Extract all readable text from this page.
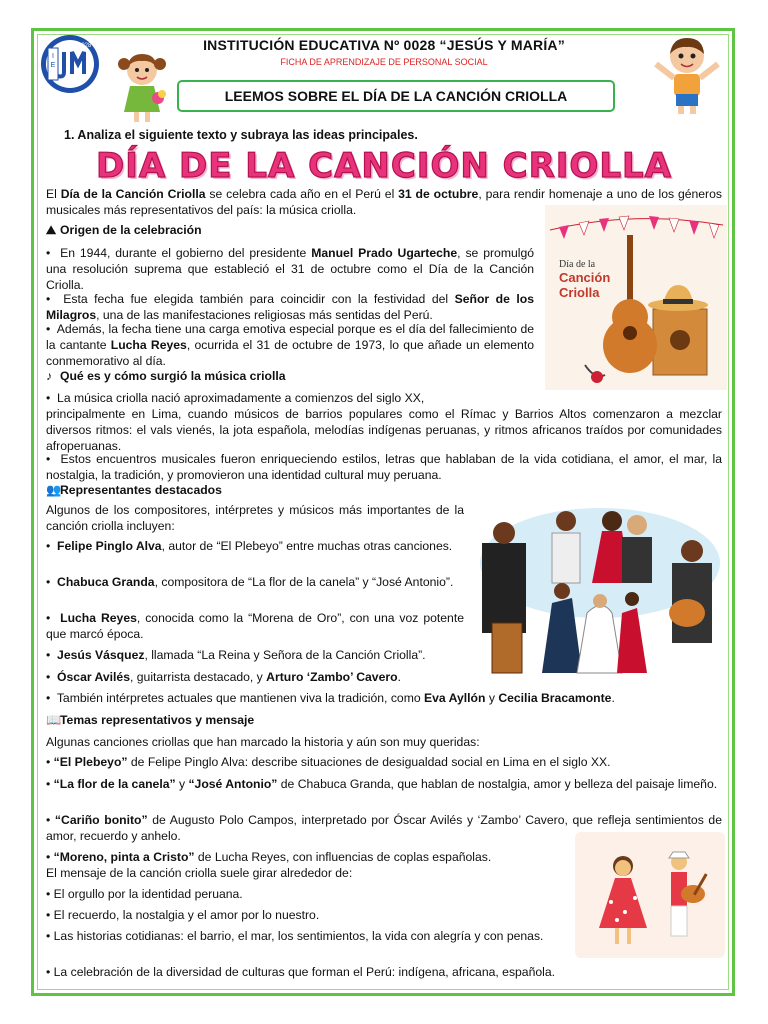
I
E
0028	INSTITUCIÓN EDUCATIVA Nº 0028 “JESÚS Y MARÍA”
FICHA DE APRENDIZAJE DE PERSONAL SOCIAL
LEEMOS SOBRE EL DÍA DE LA CANCIÓN CRIOLLA
1. Analiza el siguiente texto y subraya las ideas principales.
DÍA DE LA CANCIÓN CRIOLLA

El Día de la Canción Criolla se celebra cada año en el Perú el 31 de octubre, para rendir homenaje a uno de los géneros musicales más representativos del país: la música criolla.

⛰ Origen de la celebración

•  En 1944, durante el gobierno del presidente Manuel Prado Ugarteche, se promulgó una resolución suprema que estableció el 31 de octubre como el Día de la Canción Criolla.

•  Esta fecha fue elegida también para coincidir con la festividad del Señor de los Milagros, una de las manifestaciones religiosas más sentidas del Perú.

•  Además, la fecha tiene una carga emotiva especial porque es el día del fallecimiento de la cantante Lucha Reyes, ocurrida el 31 de octubre de 1973, lo que añade un elemento conmemorativo al día.

Día de la
Canción
Criolla

♪ Qué es y cómo surgió la música criolla

•  La música criolla nació aproximadamente a comienzos del siglo XX,

principalmente en Lima, cuando músicos de barrios populares como el Rímac y Barrios Altos comenzaron a mezclar diversos ritmos: el vals vienés, la jota española, melodías indígenas peruanas, y ritmos africanos traídos por comunidades afroperuanas.

•  Estos encuentros musicales fueron enriqueciendo estilos, letras que hablaban de la vida cotidiana, el amor, el mar, la nostalgia, la tradición, y promovieron una identidad cultural muy peruana.

👥Representantes destacados

Algunos de los compositores, intérpretes y músicos más importantes de la canción criolla incluyen:

•  Felipe Pinglo Alva, autor de “El Plebeyo” entre muchas otras canciones.

•  Chabuca Granda, compositora de “La flor de la canela” y “José Antonio”.

•  Lucha Reyes, conocida como la “Morena de Oro”, con una voz potente que marcó época.

•  Jesús Vásquez, llamada “La Reina y Señora de la Canción Criolla”.

•  Óscar Avilés, guitarrista destacado, y Arturo ‘Zambo’ Cavero.

•  También intérpretes actuales que mantienen viva la tradición, como Eva Ayllón y Cecilia Bracamonte.

📖Temas representativos y mensaje

Algunas canciones criollas que han marcado la historia y aún son muy queridas:

• “El Plebeyo” de Felipe Pinglo Alva: describe situaciones de desigualdad social en Lima en el siglo XX.

• “La flor de la canela” y “José Antonio” de Chabuca Granda, que hablan de nostalgia, amor y belleza del paisaje limeño.

• “Cariño bonito” de Augusto Polo Campos, interpretado por Óscar Avilés y ‘Zambo’ Cavero, que refleja sentimientos de amor, recuerdo y anhelo.

• “Moreno, pinta a Cristo” de Lucha Reyes, con influencias de coplas españolas.

El mensaje de la canción criolla suele girar alrededor de:

• El orgullo por la identidad peruana.

• El recuerdo, la nostalgia y el amor por lo nuestro.

• Las historias cotidianas: el barrio, el mar, los sentimientos, la vida con alegría y con penas.

• La celebración de la diversidad de culturas que forman el Perú: indígena, africana, española.
